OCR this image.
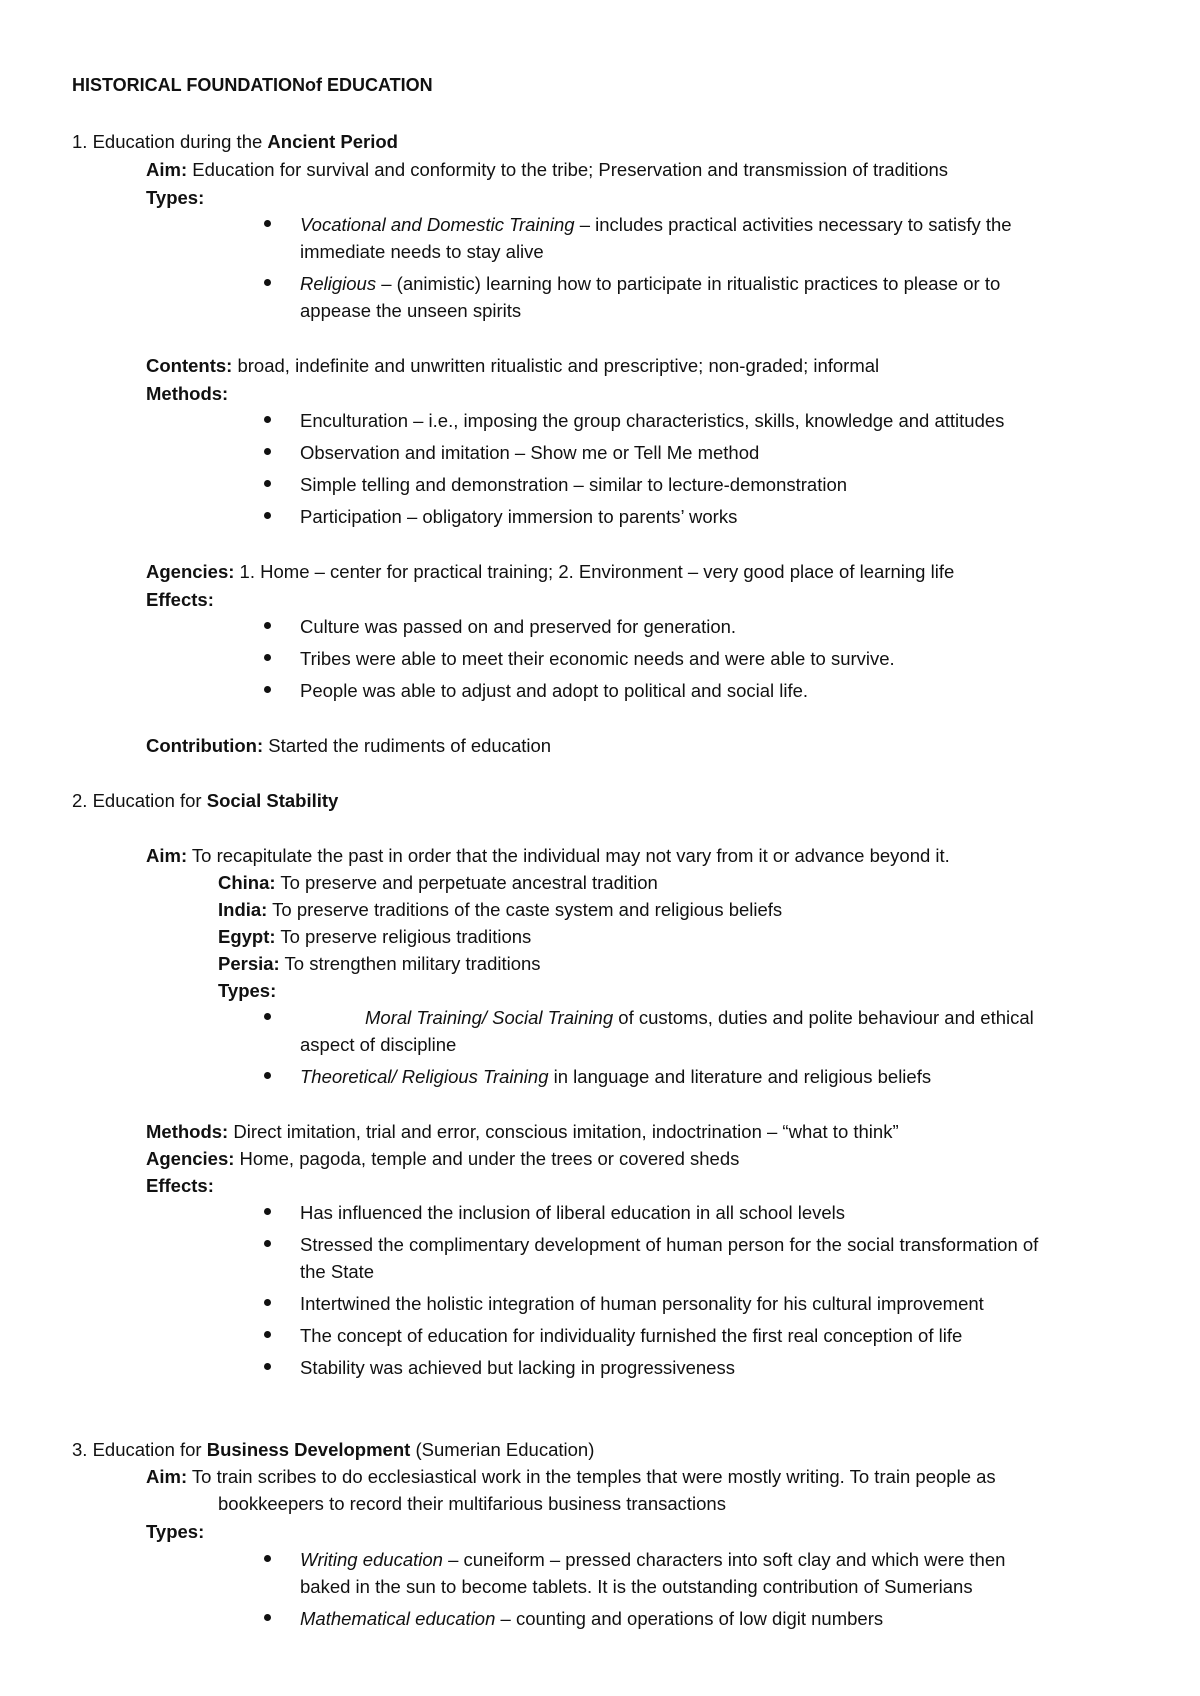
HISTORICAL FOUNDATIONof EDUCATION
1. Education during the Ancient Period
Aim: Education for survival and conformity to the tribe; Preservation and transmission of traditions
Types:
Vocational and Domestic Training – includes practical activities necessary to satisfy the
immediate needs to stay alive
Religious – (animistic) learning how to participate in ritualistic practices to please or to
appease the unseen spirits
Contents: broad, indefinite and unwritten ritualistic and prescriptive; non-graded; informal
Methods:
Enculturation – i.e., imposing the group characteristics, skills, knowledge and attitudes
Observation and imitation – Show me or Tell Me method
Simple telling and demonstration – similar to lecture-demonstration
Participation – obligatory immersion to parents’ works
Agencies: 1. Home – center for practical training; 2. Environment – very good place of learning life
Effects:
Culture was passed on and preserved for generation.
Tribes were able to meet their economic needs and were able to survive.
People was able to adjust and adopt to political and social life.
Contribution: Started the rudiments of education
2. Education for Social Stability
Aim: To recapitulate the past in order that the individual may not vary from it or advance beyond it.
China: To preserve and perpetuate ancestral tradition
India: To preserve traditions of the caste system and religious beliefs
Egypt: To preserve religious traditions
Persia: To strengthen military traditions
Types:
Moral Training/ Social Training of customs, duties and polite behaviour and ethical
aspect of discipline
Theoretical/ Religious Training in language and literature and religious beliefs
Methods: Direct imitation, trial and error, conscious imitation, indoctrination – “what to think”
Agencies: Home, pagoda, temple and under the trees or covered sheds
Effects:
Has influenced the inclusion of liberal education in all school levels
Stressed the complimentary development of human person for the social transformation of
the State
Intertwined the holistic integration of human personality for his cultural improvement
The concept of education for individuality furnished the first real conception of life
Stability was achieved but lacking in progressiveness
3. Education for Business Development (Sumerian Education)
Aim: To train scribes to do ecclesiastical work in the temples that were mostly writing. To train people as
bookkeepers to record their multifarious business transactions
Types:
Writing education – cuneiform – pressed characters into soft clay and which were then
baked in the sun to become tablets. It is the outstanding contribution of Sumerians
Mathematical education – counting and operations of low digit numbers
